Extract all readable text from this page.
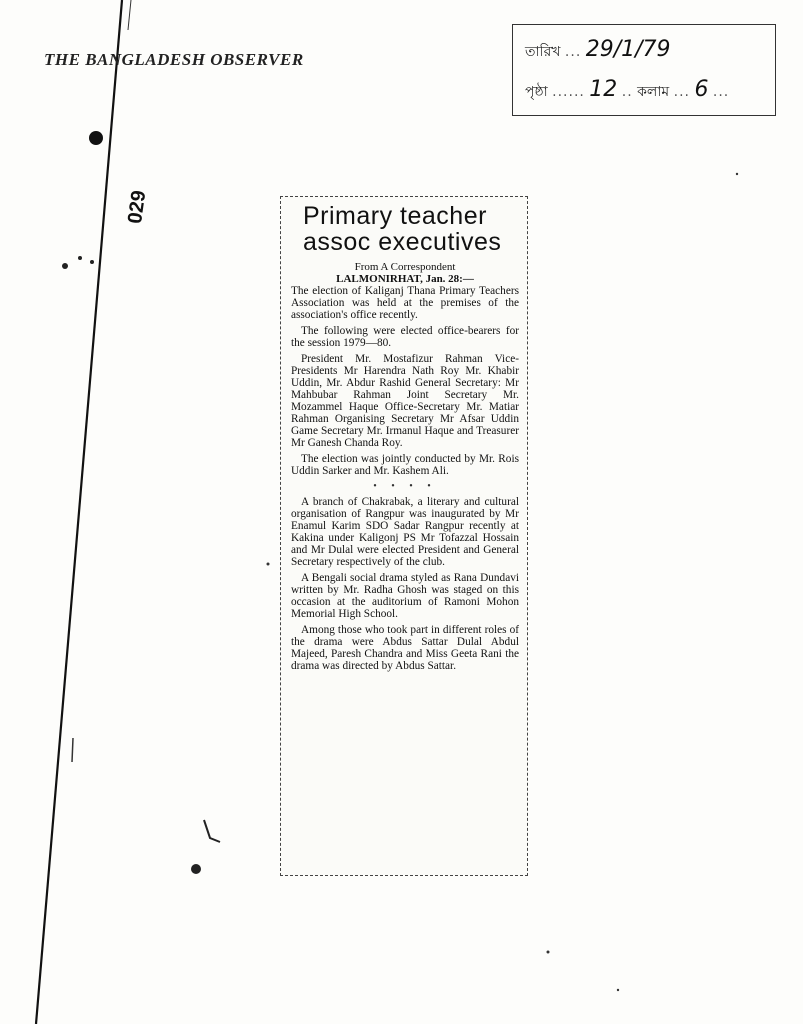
THE BANGLADESH OBSERVER
029
তারিখ ... 29/1/79
পৃষ্ঠা ...... 12 .. কলাম ... 6 ...
Primary teacher
assoc executives

From A Correspondent

LALMONIRHAT, Jan. 28:—

The election of Kaliganj Thana Primary Teachers Association was held at the premises of the association's office recently.

The following were elected office-bearers for the session 1979—80.

President Mr. Mostafizur Rahman Vice-Presidents Mr Harendra Nath Roy Mr. Khabir Uddin, Mr. Abdur Rashid General Secretary: Mr Mahbubar Rahman Joint Secretary Mr. Mozammel Haque Office-Secretary Mr. Matiar Rahman Organising Secretary Mr Afsar Uddin Game Secretary Mr. Irmanul Haque and Treasurer Mr Ganesh Chanda Roy.

The election was jointly conducted by Mr. Rois Uddin Sarker and Mr. Kashem Ali.

• • • •

A branch of Chakrabak, a literary and cultural organisation of Rangpur was inaugurated by Mr Enamul Karim SDO Sadar Rangpur recently at Kakina under Kaligonj PS Mr Tofazzal Hossain and Mr Dulal were elected President and General Secretary respectively of the club.

A Bengali social drama styled as Rana Dundavi written by Mr. Radha Ghosh was staged on this occasion at the auditorium of Ramoni Mohon Memorial High School.

Among those who took part in different roles of the drama were Abdus Sattar Dulal Abdul Majeed, Paresh Chandra and Miss Geeta Rani the drama was directed by Abdus Sattar.
